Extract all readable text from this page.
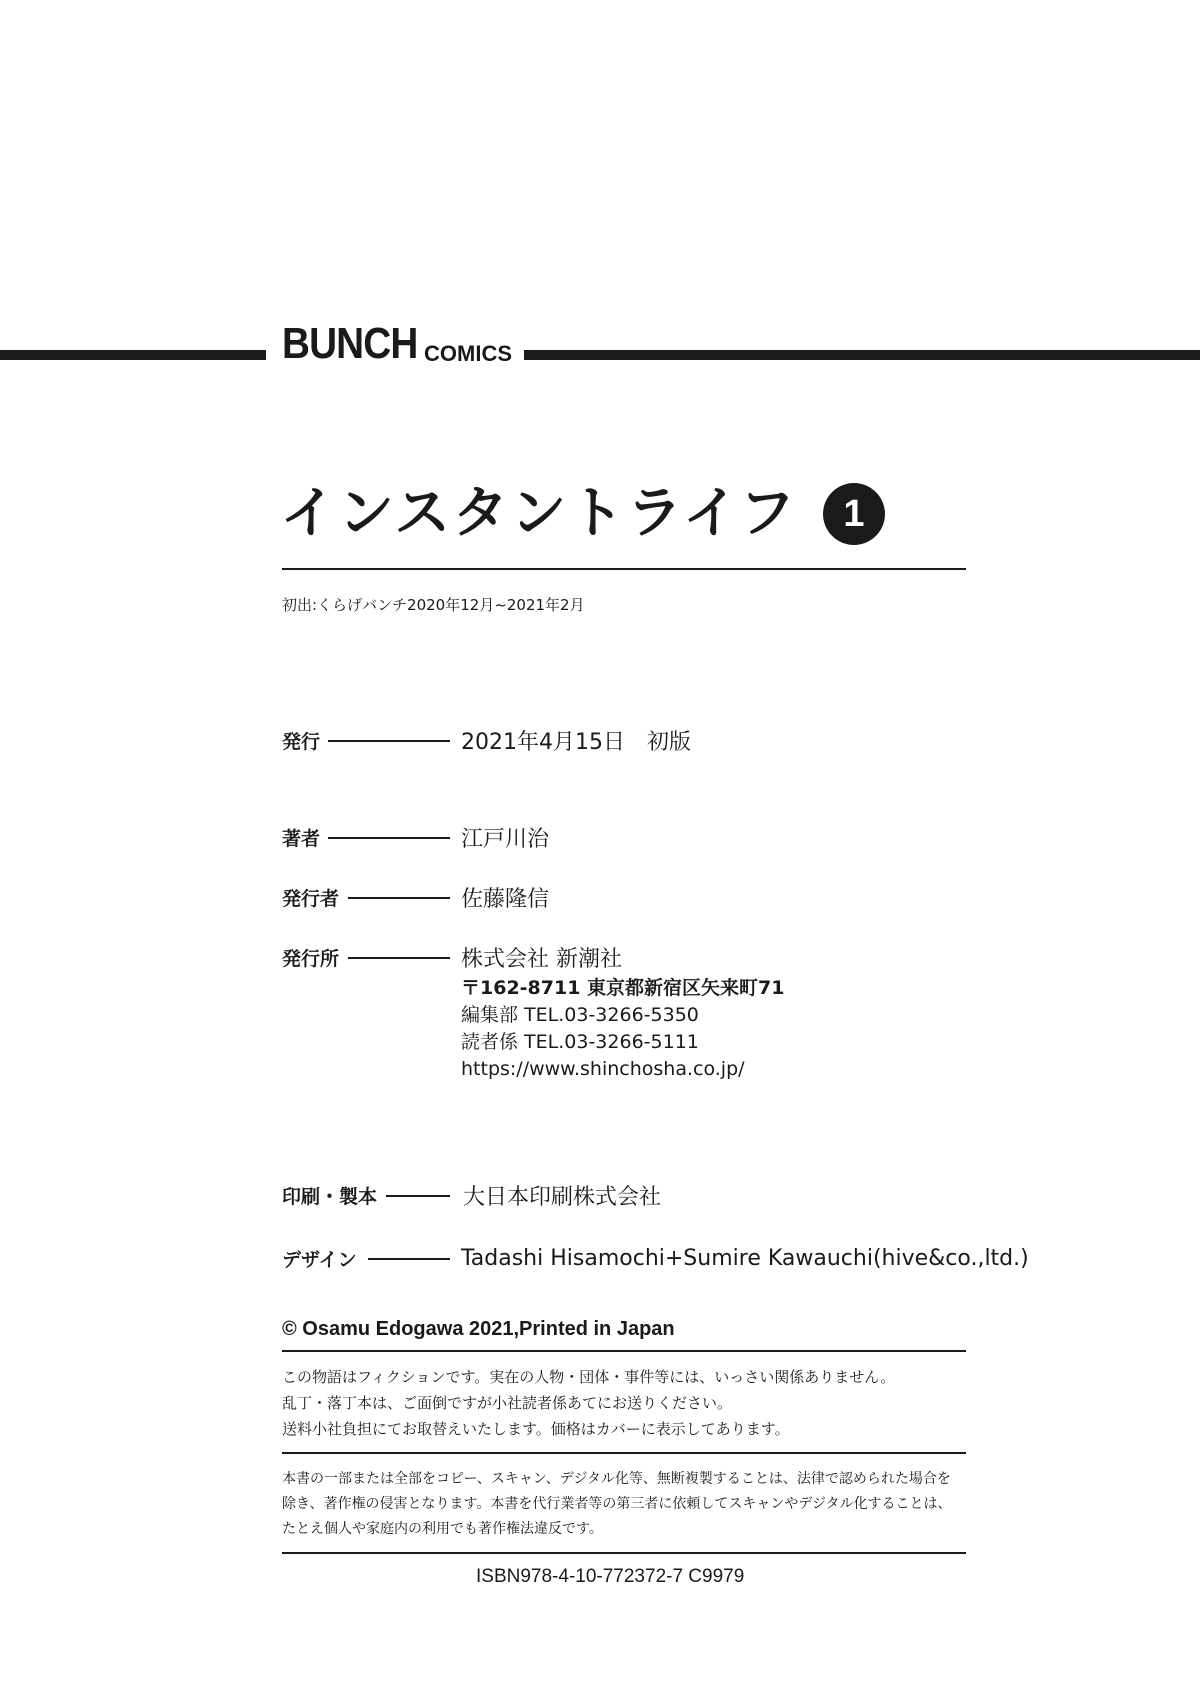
BUNCH COMICS
インスタントライフ	1
初出:くらげバンチ2020年12月~2021年2月
発行	2021年4月15日　初版
著者	江戸川治
発行者	佐藤隆信
発行所	株式会社 新潮社
〒162-8711 東京都新宿区矢来町71
編集部 TEL.03-3266-5350
読者係 TEL.03-3266-5111
https://www.shinchosha.co.jp/
印刷・製本	大日本印刷株式会社
デザイン	Tadashi Hisamochi+Sumire Kawauchi(hive&co.,ltd.)
© Osamu Edogawa 2021,Printed in Japan
この物語はフィクションです。実在の人物・団体・事件等には、いっさい関係ありません。
乱丁・落丁本は、ご面倒ですが小社読者係あてにお送りください。
送料小社負担にてお取替えいたします。価格はカバーに表示してあります。
本書の一部または全部をコピー、スキャン、デジタル化等、無断複製することは、法律で認められた場合を
除き、著作権の侵害となります。本書を代行業者等の第三者に依頼してスキャンやデジタル化することは、
たとえ個人や家庭内の利用でも著作権法違反です。
ISBN978-4-10-772372-7 C9979
